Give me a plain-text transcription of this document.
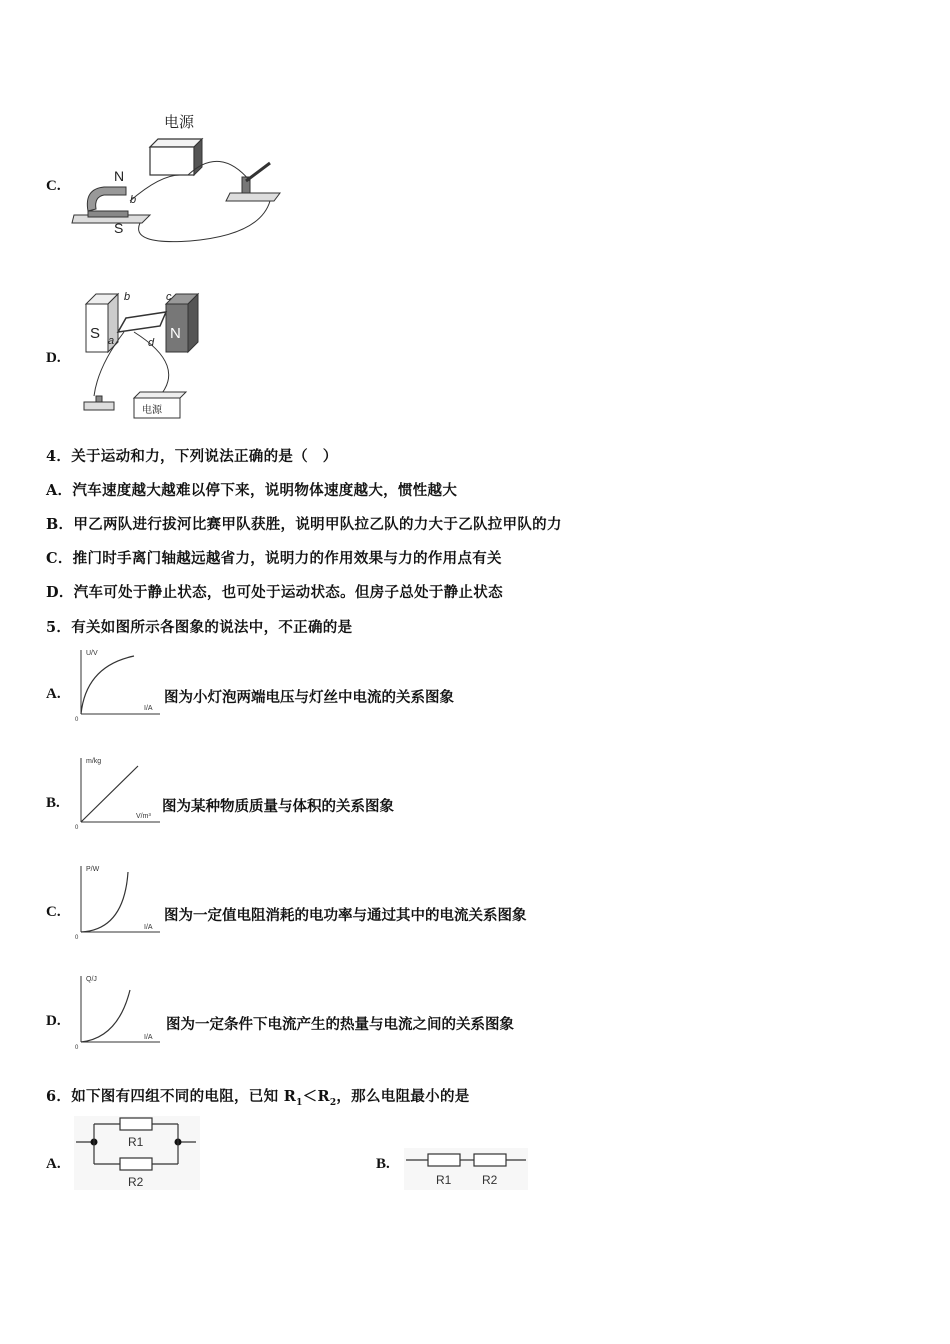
C.
电源
N
b
S
D.
S	N
b	c
a	d
电源
4．关于运动和力，下列说法正确的是（　）
A．汽车速度越大越难以停下来，说明物体速度越大，惯性越大
B．甲乙两队进行拔河比赛甲队获胜，说明甲队拉乙队的力大于乙队拉甲队的力
C．推门时手离门轴越远越省力，说明力的作用效果与力的作用点有关
D．汽车可处于静止状态，也可处于运动状态。但房子总处于静止状态
5．有关如图所示各图象的说法中，不正确的是
A.
U/V
I/A
0
图为小灯泡两端电压与灯丝中电流的关系图象
B.
m/kg
V/m³
0
图为某种物质质量与体积的关系图象
C.
P/W
I/A
0
图为一定值电阻消耗的电功率与通过其中的电流关系图象
D.
Q/J
I/A
0
图为一定条件下电流产生的热量与电流之间的关系图象
6．如下图有四组不同的电阻，已知 $R_1<R_2$，那么电阻最小的是
A.
R1
R2
B.
R1	R2
